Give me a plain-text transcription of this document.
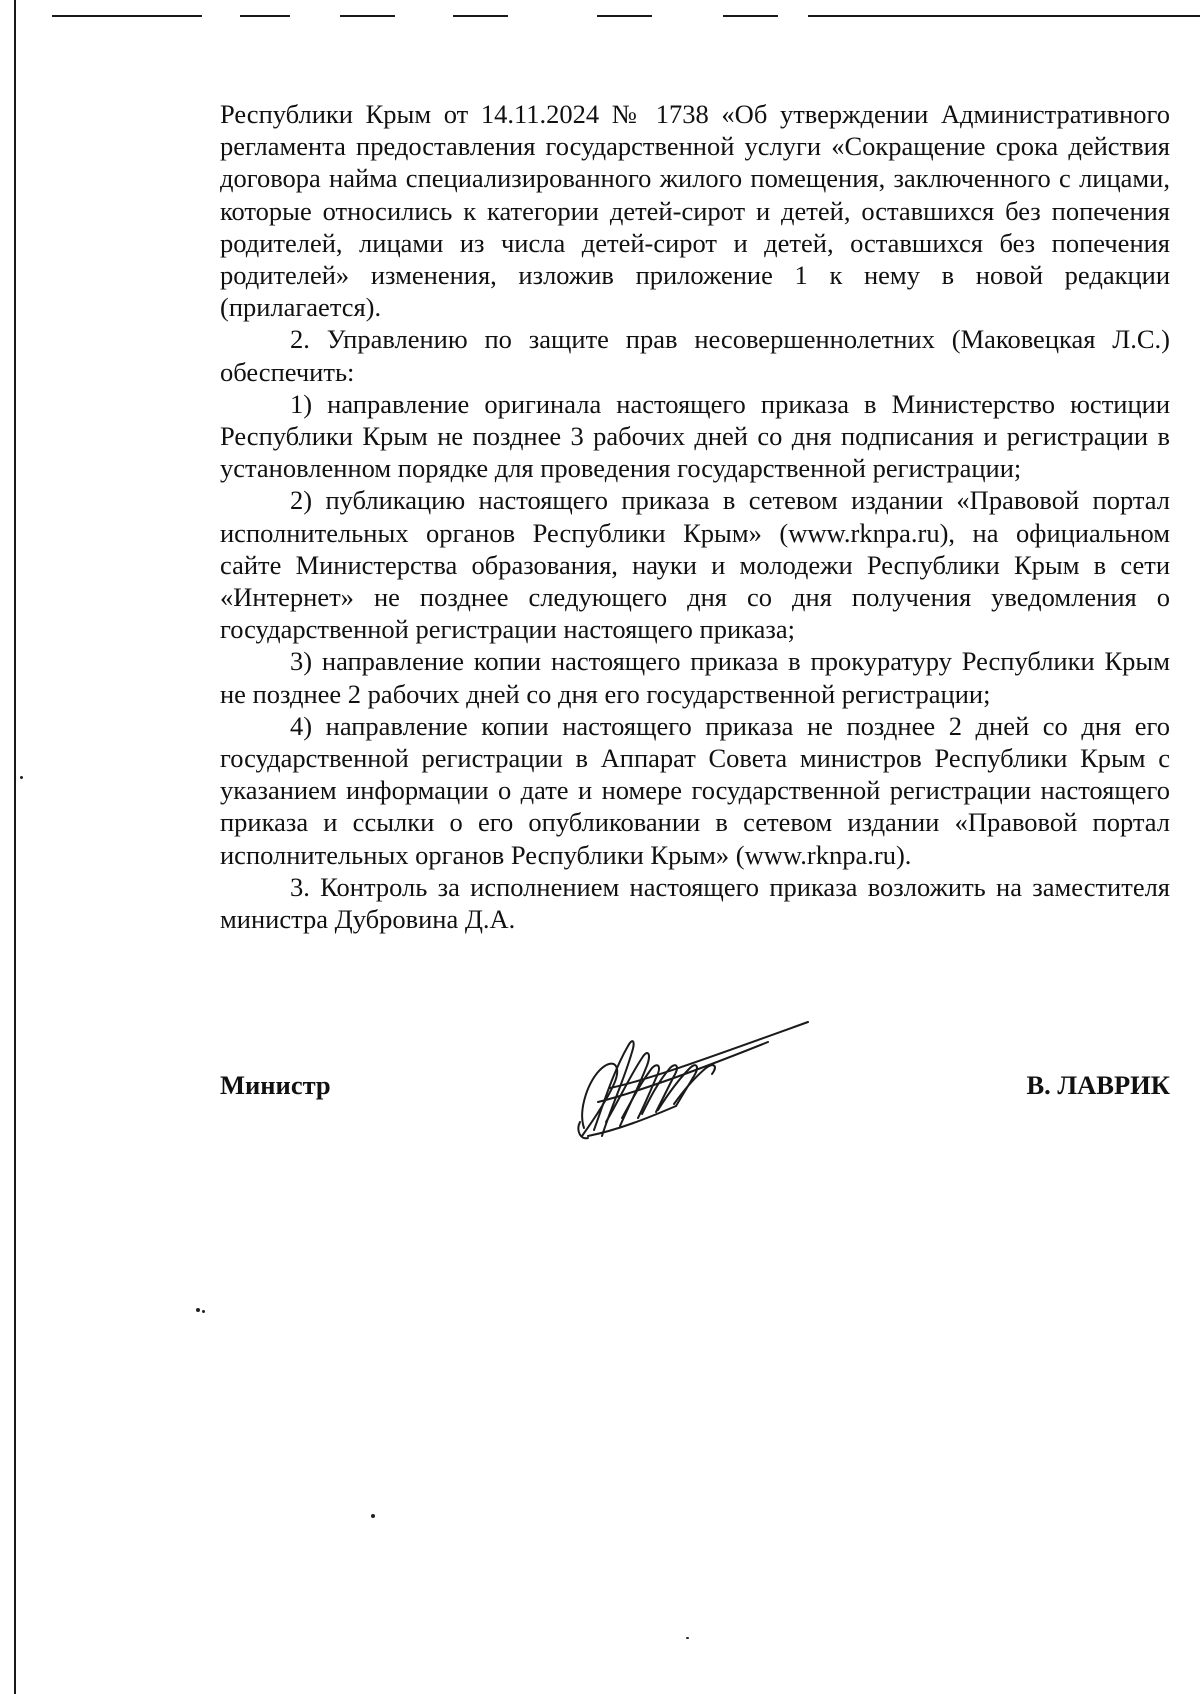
Республики Крым от 14.11.2024 № 1738 «Об утверждении Административного регламента предоставления государственной услуги «Сокращение срока действия договора найма специализированного жилого помещения, заключенного с лицами, которые относились к категории детей-сирот и детей, оставшихся без попечения родителей, лицами из числа детей-сирот и детей, оставшихся без попечения родителей» изменения, изложив приложение 1 к нему в новой редакции (прилагается).

2. Управлению по защите прав несовершеннолетних (Маковецкая Л.С.) обеспечить:

1) направление оригинала настоящего приказа в Министерство юстиции Республики Крым не позднее 3 рабочих дней со дня подписания и регистрации в установленном порядке для проведения государственной регистрации;

2) публикацию настоящего приказа в сетевом издании «Правовой портал исполнительных органов Республики Крым» (www.rknpa.ru), на официальном сайте Министерства образования, науки и молодежи Республики Крым в сети «Интернет» не позднее следующего дня со дня получения уведомления о государственной регистрации настоящего приказа;

3) направление копии настоящего приказа в прокуратуру Республики Крым не позднее 2 рабочих дней со дня его государственной регистрации;

4) направление копии настоящего приказа не позднее 2 дней со дня его государственной регистрации в Аппарат Совета министров Республики Крым с указанием информации о дате и номере государственной регистрации настоящего приказа и ссылки о его опубликовании в сетевом издании «Правовой портал исполнительных органов Республики Крым» (www.rknpa.ru).

3. Контроль за исполнением настоящего приказа возложить на заместителя министра Дубровина Д.А.

Министр	В. ЛАВРИК
